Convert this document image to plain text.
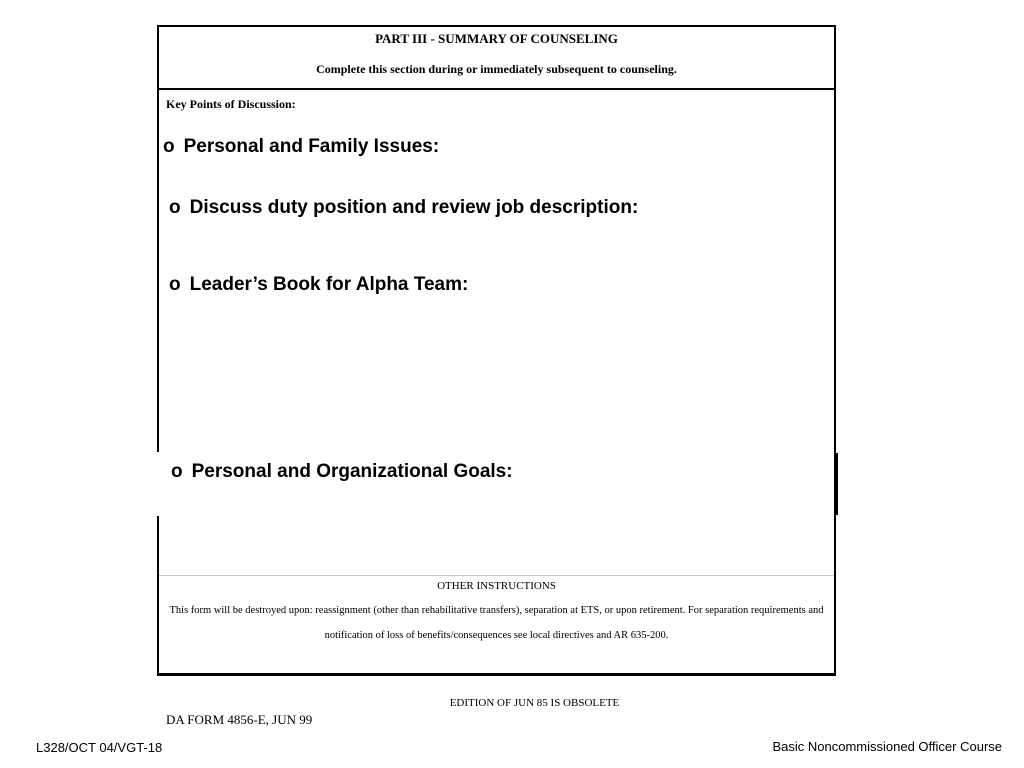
PART III - SUMMARY OF COUNSELING
Complete this section during or immediately subsequent to counseling.
Key Points of Discussion:
o Personal and Family Issues:
o Discuss duty position and review job description:
o Leader’s Book for Alpha Team:
o Personal and Organizational Goals:
OTHER INSTRUCTIONS
This form will be destroyed upon: reassignment (other than rehabilitative transfers), separation at ETS, or upon retirement. For separation requirements and notification of loss of benefits/consequences see local directives and AR 635-200.
EDITION OF JUN 85 IS OBSOLETE
DA FORM 4856-E, JUN 99
L328/OCT 04/VGT-18	Basic Noncommissioned Officer Course
